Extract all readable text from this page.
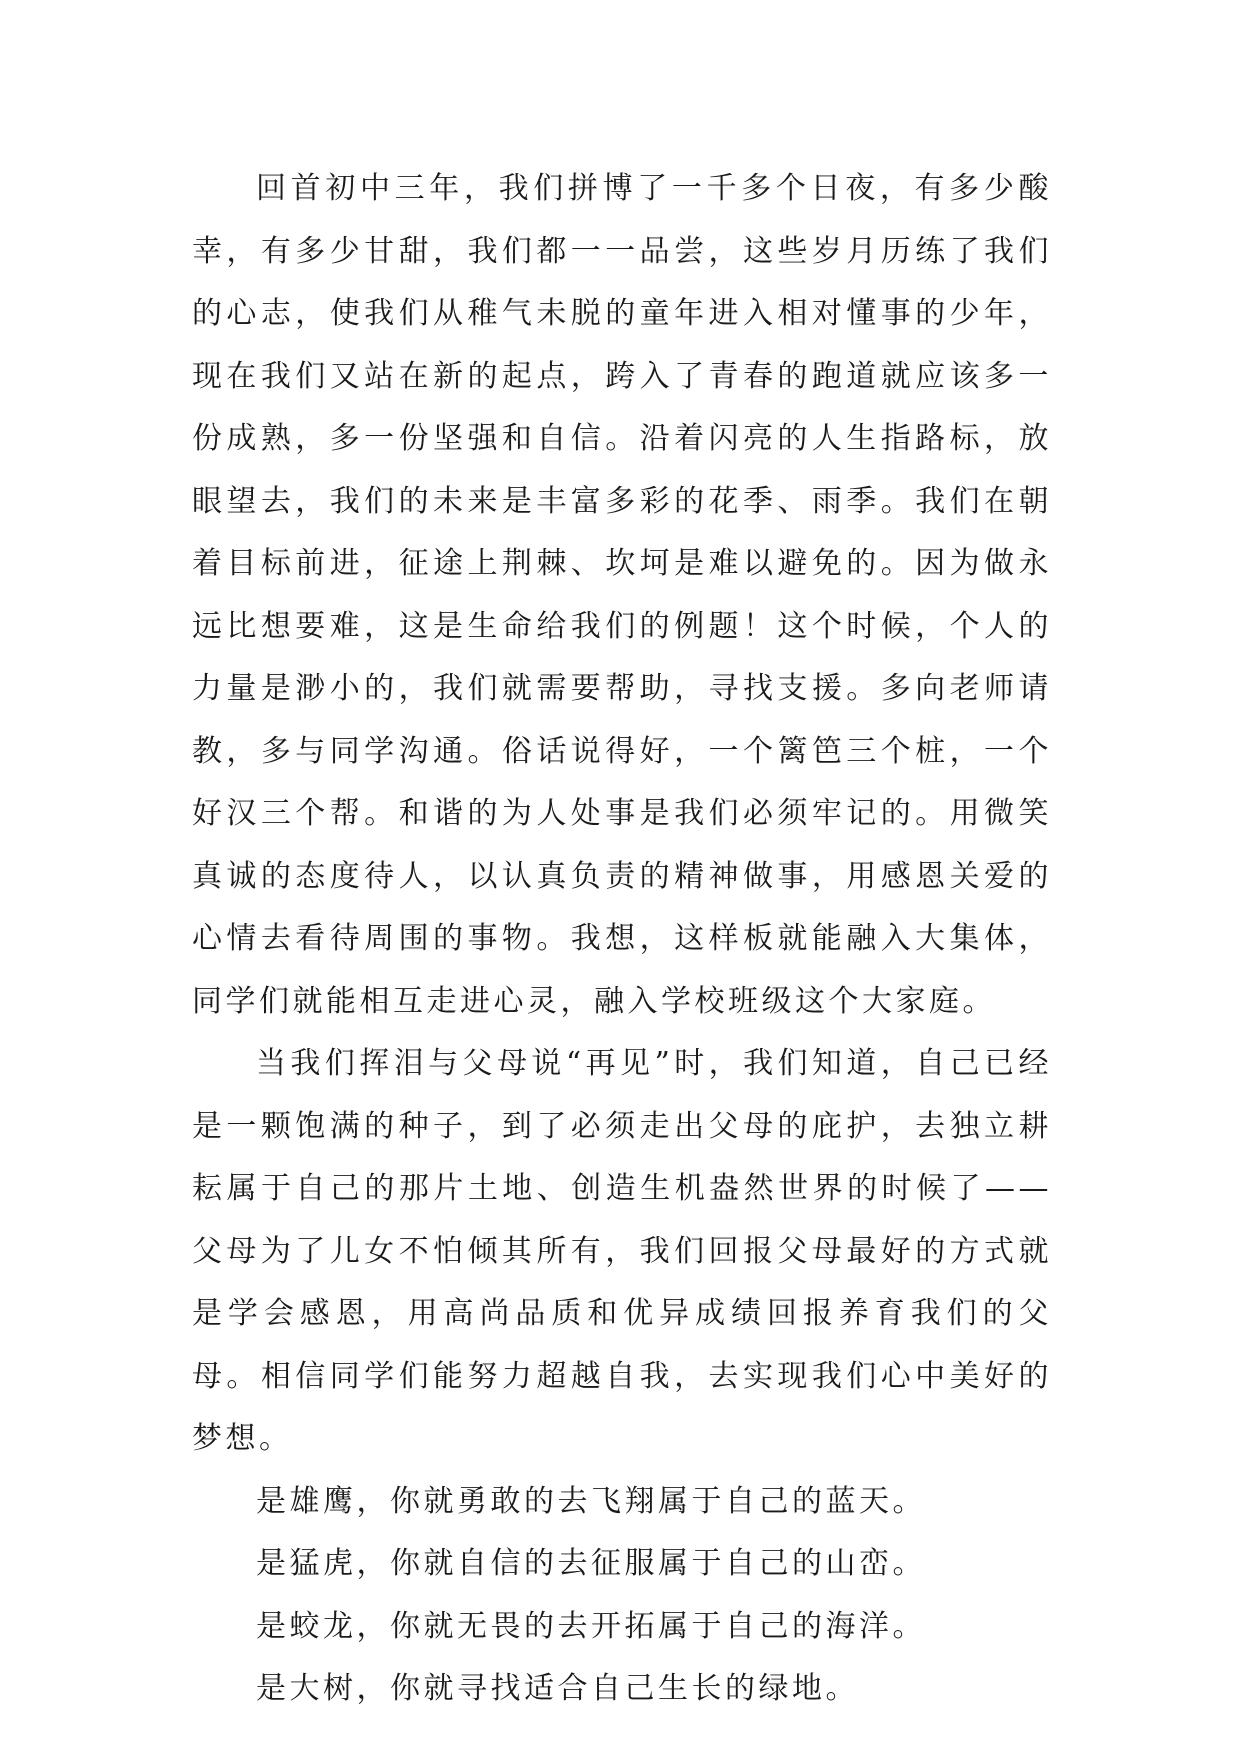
回首初中三年，我们拼博了一千多个日夜，有多少酸幸，有多少甘甜，我们都一一品尝，这些岁月历练了我们的心志，使我们从稚气未脱的童年进入相对懂事的少年，现在我们又站在新的起点，跨入了青春的跑道就应该多一份成熟，多一份坚强和自信。沿着闪亮的人生指路标，放眼望去，我们的未来是丰富多彩的花季、雨季。我们在朝着目标前进，征途上荆棘、坎坷是难以避免的。因为做永远比想要难，这是生命给我们的例题！这个时候，个人的力量是渺小的，我们就需要帮助，寻找支援。多向老师请教，多与同学沟通。俗话说得好，一个篱笆三个桩，一个好汉三个帮。和谐的为人处事是我们必须牢记的。用微笑真诚的态度待人，以认真负责的精神做事，用感恩关爱的心情去看待周围的事物。我想，这样板就能融入大集体，同学们就能相互走进心灵，融入学校班级这个大家庭。

当我们挥泪与父母说“再见”时，我们知道，自己已经是一颗饱满的种子，到了必须走出父母的庇护，去独立耕耘属于自己的那片土地、创造生机盎然世界的时候了——父母为了儿女不怕倾其所有，我们回报父母最好的方式就是学会感恩，用高尚品质和优异成绩回报养育我们的父母。相信同学们能努力超越自我，去实现我们心中美好的梦想。

是雄鹰，你就勇敢的去飞翔属于自己的蓝天。

是猛虎，你就自信的去征服属于自己的山峦。

是蛟龙，你就无畏的去开拓属于自己的海洋。

是大树，你就寻找适合自己生长的绿地。
